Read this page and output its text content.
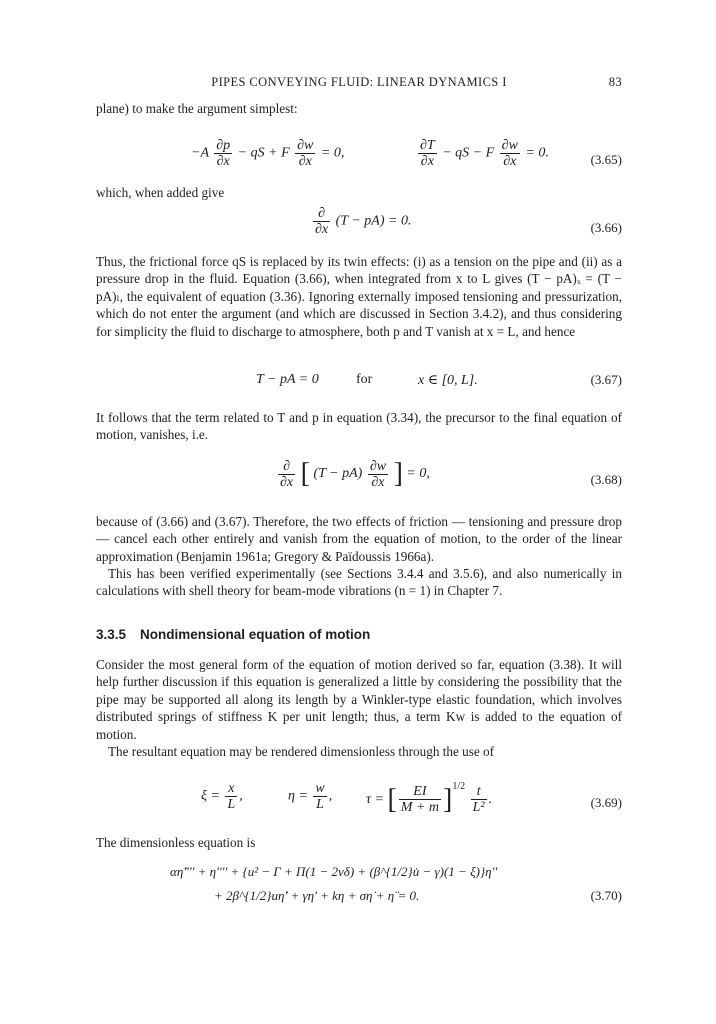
PIPES CONVEYING FLUID: LINEAR DYNAMICS I	83
plane) to make the argument simplest:
$-A \frac{\partial p}{\partial x}$ − qS + F $\frac{\partial w}{\partial x} = 0$,	$\frac{\partial T}{\partial x}$ − qS − F $\frac{\partial w}{\partial x} = 0$.	(3.65)
which, when added give
$\frac{\partial}{\partial x} (T - pA) = 0$.	(3.66)
Thus, the frictional force qS is replaced by its twin effects: (i) as a tension on the pipe and (ii) as a pressure drop in the fluid. Equation (3.66), when integrated from x to L gives (T − pA)ₓ = (T − pA)ₗ, the equivalent of equation (3.36). Ignoring externally imposed tensioning and pressurization, which do not enter the argument (and which are discussed in Section 3.4.2), and thus considering for simplicity the fluid to discharge to atmosphere, both p and T vanish at x = L, and hence
T − pA = 0	for	x ∈ [0, L].	(3.67)
It follows that the term related to T and p in equation (3.34), the precursor to the final equation of motion, vanishes, i.e.
$\frac{\partial}{\partial x}$ [ $(T - pA) \frac{\partial w}{\partial x}$ ] = 0,	(3.68)
because of (3.66) and (3.67). Therefore, the two effects of friction — tensioning and pressure drop — cancel each other entirely and vanish from the equation of motion, to the order of the linear approximation (Benjamin 1961a; Gregory & Païdoussis 1966a).
This has been verified experimentally (see Sections 3.4.4 and 3.5.6), and also numerically in calculations with shell theory for beam-mode vibrations (n = 1) in Chapter 7.
3.3.5 Nondimensional equation of motion
Consider the most general form of the equation of motion derived so far, equation (3.38). It will help further discussion if this equation is generalized a little by considering the possibility that the pipe may be supported all along its length by a Winkler-type elastic foundation, which involves distributed springs of stiffness K per unit length; thus, a term Kw is added to the equation of motion.
The resultant equation may be rendered dimensionless through the use of
$\xi = \frac{x}{L}$ ,	$\eta = \frac{w}{L}$ , τ = [ $\frac{EI}{M + m} ]^{1/2} \frac{t}{\text{L²}}$ .	(3.69)
The dimensionless equation is
αη̇'''' + η'''' + {u² − Γ + Π(1 − 2νδ) + (β^{1/2}u̇ − γ)(1 − ξ)}η''
+ 2β^{1/2}uη̇' + γη' + kη + ση̇ + η̈ = 0.	(3.70)
